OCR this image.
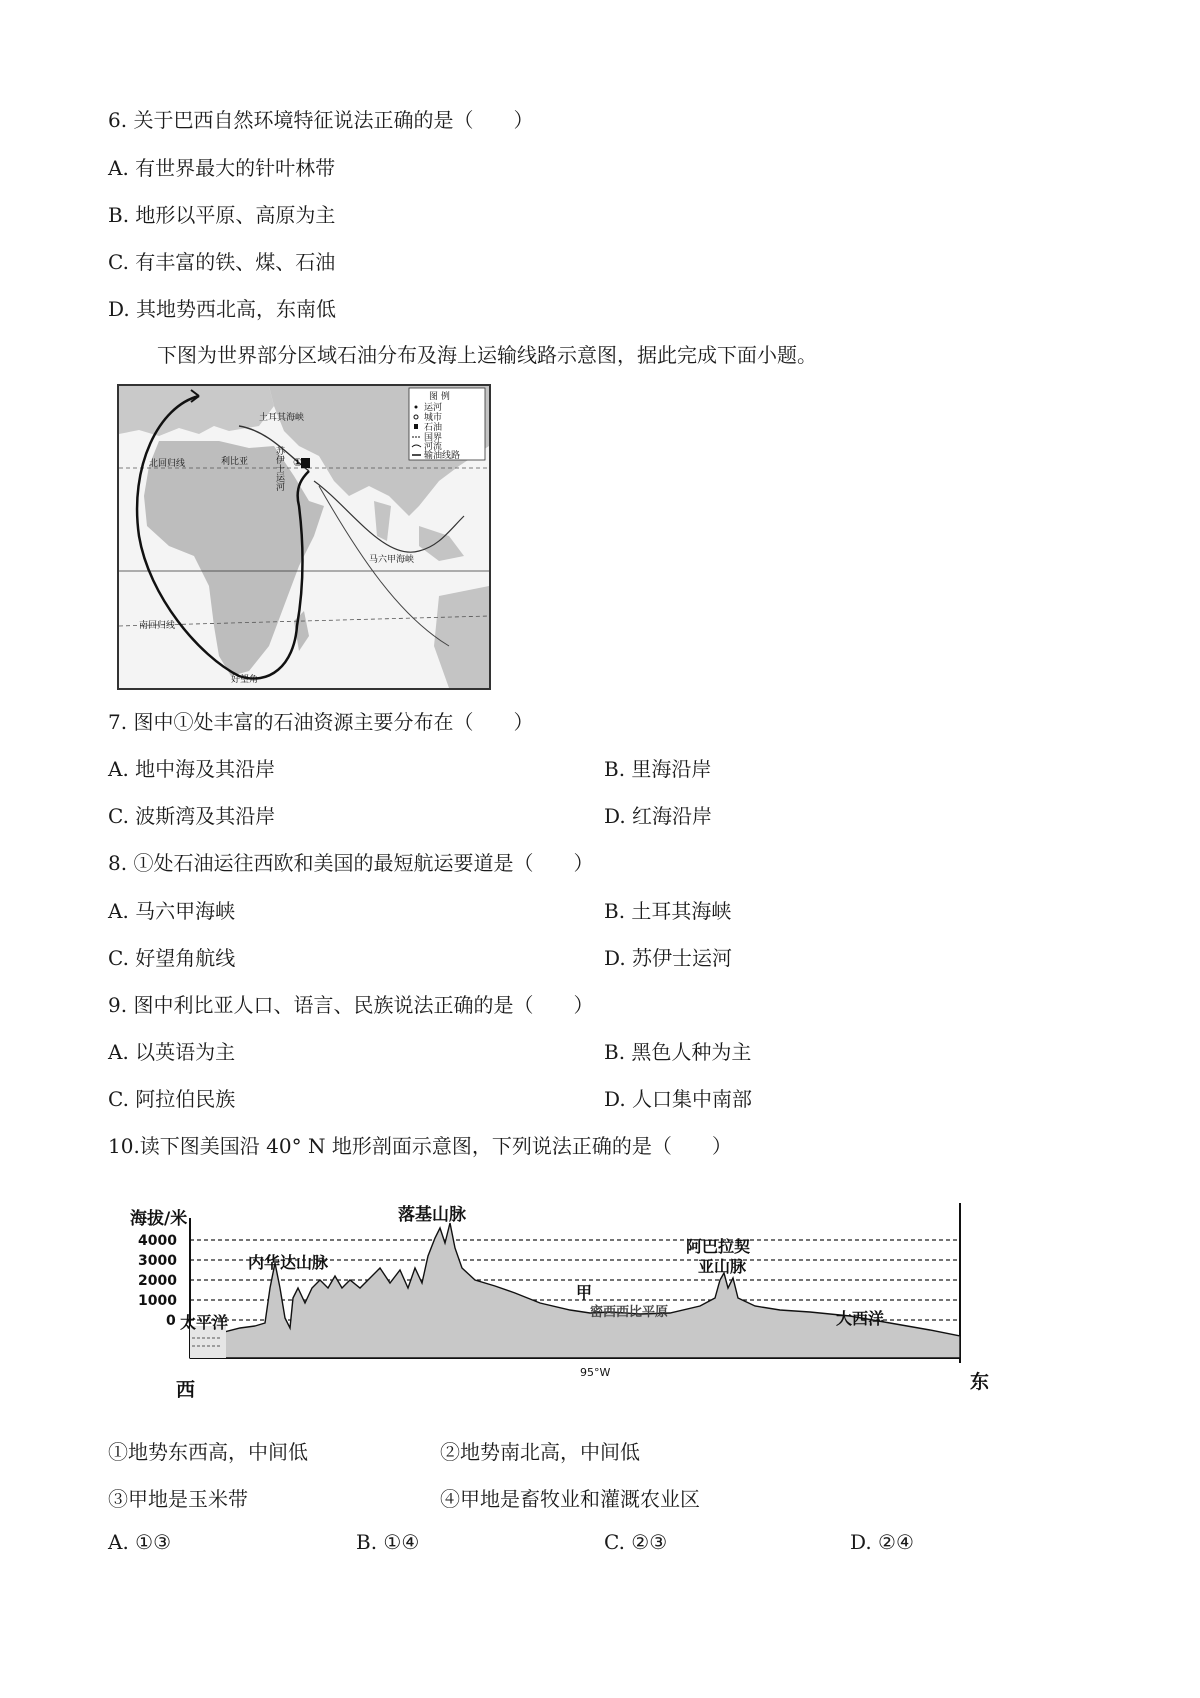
6. 关于巴西自然环境特征说法正确的是（　　）
A. 有世界最大的针叶林带
B. 地形以平原、高原为主
C. 有丰富的铁、煤、石油
D. 其地势西北高，东南低
下图为世界部分区域石油分布及海上运输线路示意图，据此完成下面小题。
①
图 例
运河
城市
石油
国界
河流
输油线路
土耳其海峡
苏伊士运河
北回归线	利比亚
马六甲海峡
南回归线
好望角
7. 图中①处丰富的石油资源主要分布在（　　）
A. 地中海及其沿岸	B. 里海沿岸
C. 波斯湾及其沿岸	D. 红海沿岸
8. ①处石油运往西欧和美国的最短航运要道是（　　）
A. 马六甲海峡	B. 土耳其海峡
C. 好望角航线	D. 苏伊士运河
9. 图中利比亚人口、语言、民族说法正确的是（　　）
A. 以英语为主	B. 黑色人种为主
C. 阿拉伯民族	D. 人口集中南部
10.读下图美国沿 40° N 地形剖面示意图，下列说法正确的是（　　）
海拔/米
4000
3000
2000
1000
0
落基山脉
内华达山脉
阿巴拉契
亚山脉
甲
密西西比平原
太平洋	大西洋
95°W
西	东
①地势东西高，中间低	②地势南北高，中间低
③甲地是玉米带	④甲地是畜牧业和灌溉农业区
A. ①③	B. ①④	C. ②③	D. ②④
